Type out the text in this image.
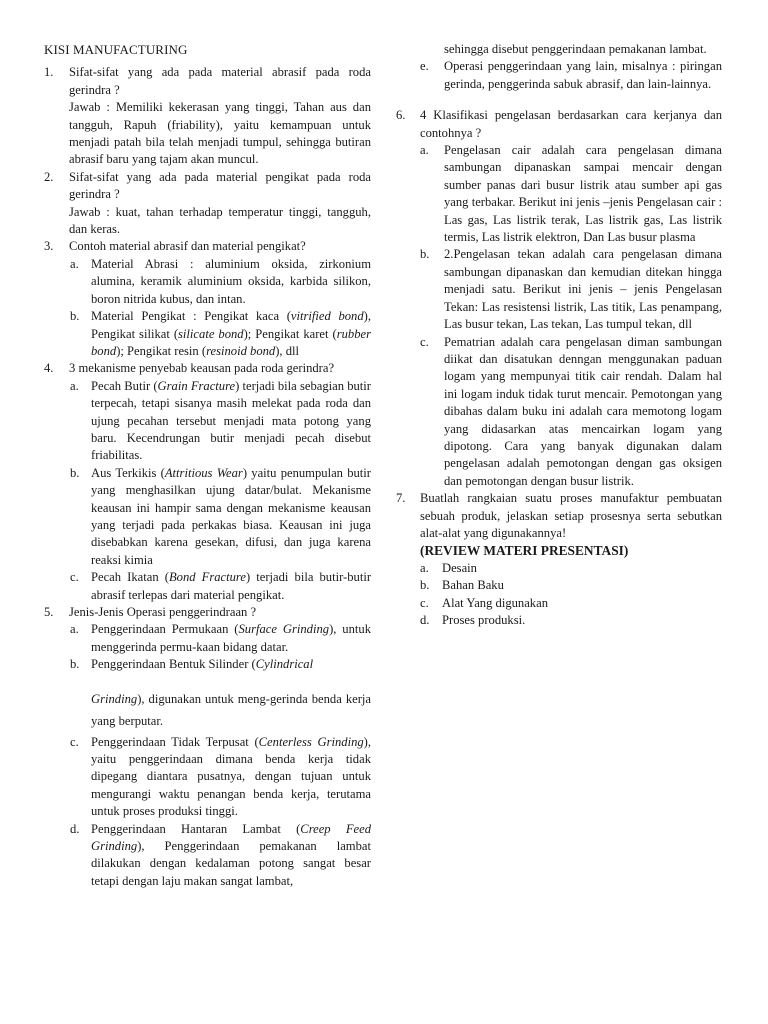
KISI MANUFACTURING
1. Sifat-sifat yang ada pada material abrasif pada roda gerindra ?
Jawab : Memiliki kekerasan yang tinggi, Tahan aus dan tangguh, Rapuh (friability), yaitu kemampuan untuk menjadi patah bila telah menjadi tumpul, sehingga butiran abrasif baru yang tajam akan muncul.
2. Sifat-sifat yang ada pada material pengikat pada roda gerindra ?
Jawab : kuat, tahan terhadap temperatur tinggi, tangguh, dan keras.
3. Contoh material abrasif dan material pengikat?
a. Material Abrasi : aluminium oksida, zirkonium alumina, keramik aluminium oksida, karbida silikon, boron nitrida kubus, dan intan.
b. Material Pengikat : Pengikat kaca (vitrified bond), Pengikat silikat (silicate bond); Pengikat karet (rubber bond); Pengikat resin (resinoid bond), dll
4. 3 mekanisme penyebab keausan pada roda gerindra?
a. Pecah Butir (Grain Fracture) terjadi bila sebagian butir terpecah, tetapi sisanya masih melekat pada roda dan ujung pecahan tersebut menjadi mata potong yang baru. Kecendrungan butir menjadi pecah disebut friabilitas.
b. Aus Terkikis (Attritious Wear) yaitu penumpulan butir yang menghasilkan ujung datar/bulat. Mekanisme keausan ini hampir sama dengan mekanisme keausan yang terjadi pada perkakas biasa. Keausan ini juga disebabkan karena gesekan, difusi, dan juga karena reaksi kimia
c. Pecah Ikatan (Bond Fracture) terjadi bila butir-butir abrasif terlepas dari material pengikat.
5. Jenis-Jenis Operasi penggerindraan ?
a. Penggerindaan Permukaan (Surface Grinding), untuk menggerinda permu-kaan bidang datar.
b. Penggerindaan Bentuk Silinder (Cylindrical
Grinding), digunakan untuk meng-gerinda benda kerja yang berputar.
c. Penggerindaan Tidak Terpusat (Centerless Grinding), yaitu penggerindaan dimana benda kerja tidak dipegang diantara pusatnya, dengan tujuan untuk mengurangi waktu penangan benda kerja, terutama untuk proses produksi tinggi.
d. Penggerindaan Hantaran Lambat (Creep Feed Grinding), Penggerindaan pemakanan lambat dilakukan dengan kedalaman potong sangat besar tetapi dengan laju makan sangat lambat,
sehingga disebut penggerindaan pemakanan lambat.
e. Operasi penggerindaan yang lain, misalnya : piringan gerinda, penggerinda sabuk abrasif, dan lain-lainnya.
6. 4 Klasifikasi pengelasan berdasarkan cara kerjanya dan contohnya ?
a. Pengelasan cair adalah cara pengelasan dimana sambungan dipanaskan sampai mencair dengan sumber panas dari busur listrik atau sumber api gas yang terbakar. Berikut ini jenis –jenis Pengelasan cair : Las gas, Las listrik terak, Las listrik gas, Las listrik termis, Las listrik elektron, Dan Las busur plasma
b. 2.Pengelasan tekan adalah cara pengelasan dimana sambungan dipanaskan dan kemudian ditekan hingga menjadi satu. Berikut ini jenis – jenis Pengelasan Tekan: Las resistensi listrik, Las titik, Las penampang, Las busur tekan, Las tekan, Las tumpul tekan, dll
c. Pematrian adalah cara pengelasan diman sambungan diikat dan disatukan denngan menggunakan paduan logam yang mempunyai titik cair rendah. Dalam hal ini logam induk tidak turut mencair. Pemotongan yang dibahas dalam buku ini adalah cara memotong logam yang didasarkan atas mencairkan logam yang dipotong. Cara yang banyak digunakan dalam pengelasan adalah pemotongan dengan gas oksigen dan pemotongan dengan busur listrik.
7. Buatlah rangkaian suatu proses manufaktur pembuatan sebuah produk, jelaskan setiap prosesnya serta sebutkan alat-alat yang digunakannya!
(REVIEW MATERI PRESENTASI)
a. Desain
b. Bahan Baku
c. Alat Yang digunakan
d. Proses produksi.
